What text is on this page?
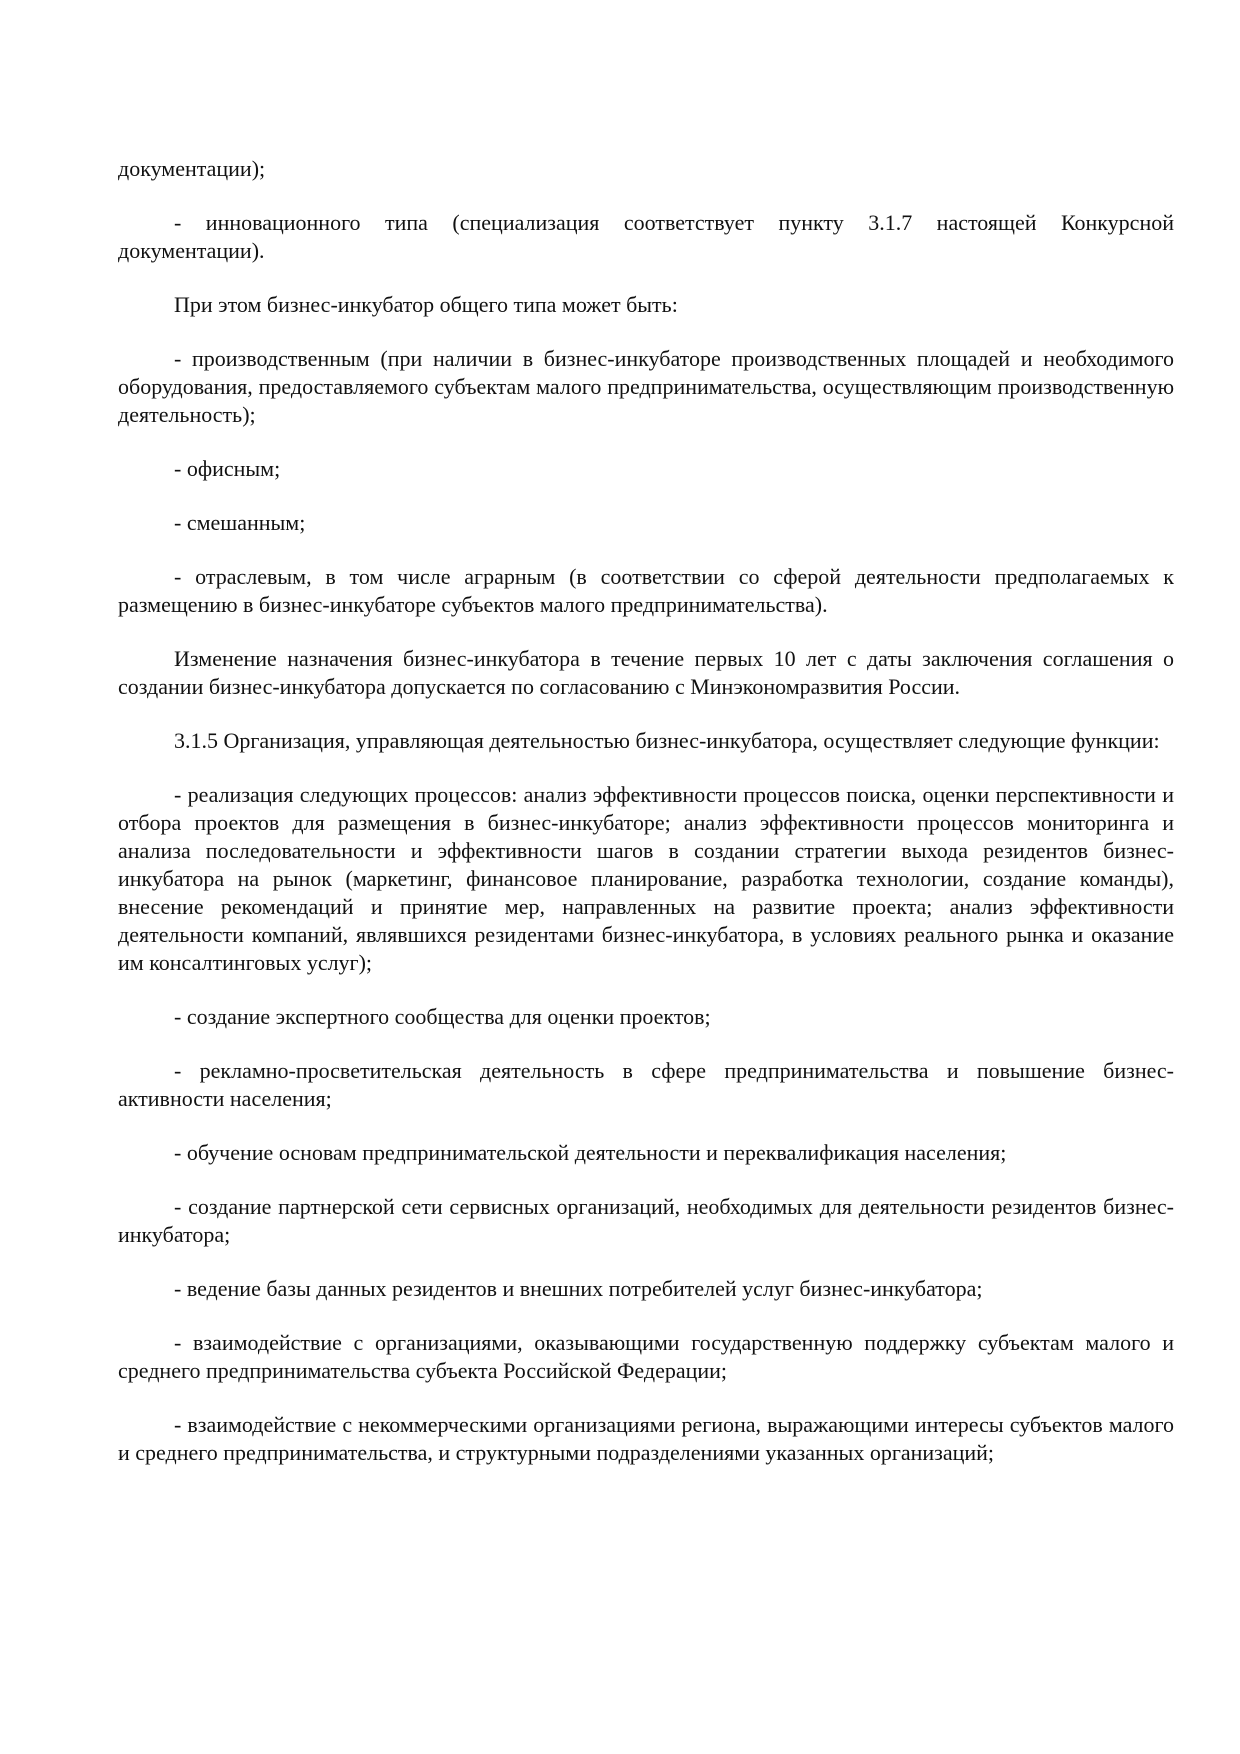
документации);

- инновационного типа (специализация соответствует пункту 3.1.7 настоящей Конкурсной документации).

При этом бизнес-инкубатор общего типа может быть:

- производственным (при наличии в бизнес-инкубаторе производственных площадей и необходимого оборудования, предоставляемого субъектам малого предпринимательства, осуществляющим производственную деятельность);

- офисным;

- смешанным;

- отраслевым, в том числе аграрным (в соответствии со сферой деятельности предполагаемых к размещению в бизнес-инкубаторе субъектов малого предпринимательства).

Изменение назначения бизнес-инкубатора в течение первых 10 лет с даты заключения соглашения о создании бизнес-инкубатора допускается по согласованию с Минэкономразвития России.

3.1.5 Организация, управляющая деятельностью бизнес-инкубатора, осуществляет следующие функции:

- реализация следующих процессов: анализ эффективности процессов поиска, оценки перспективности и отбора проектов для размещения в бизнес-инкубаторе; анализ эффективности процессов мониторинга и анализа последовательности и эффективности шагов в создании стратегии выхода резидентов бизнес-инкубатора на рынок (маркетинг, финансовое планирование, разработка технологии, создание команды), внесение рекомендаций и принятие мер, направленных на развитие проекта; анализ эффективности деятельности компаний, являвшихся резидентами бизнес-инкубатора, в условиях реального рынка и оказание им консалтинговых услуг);

- создание экспертного сообщества для оценки проектов;

- рекламно-просветительская деятельность в сфере предпринимательства и повышение бизнес-активности населения;

- обучение основам предпринимательской деятельности и переквалификация населения;

- создание партнерской сети сервисных организаций, необходимых для деятельности резидентов бизнес-инкубатора;

- ведение базы данных резидентов и внешних потребителей услуг бизнес-инкубатора;

- взаимодействие с организациями, оказывающими государственную поддержку субъектам малого и среднего предпринимательства субъекта Российской Федерации;

- взаимодействие с некоммерческими организациями региона, выражающими интересы субъектов малого и среднего предпринимательства, и структурными подразделениями указанных организаций;
